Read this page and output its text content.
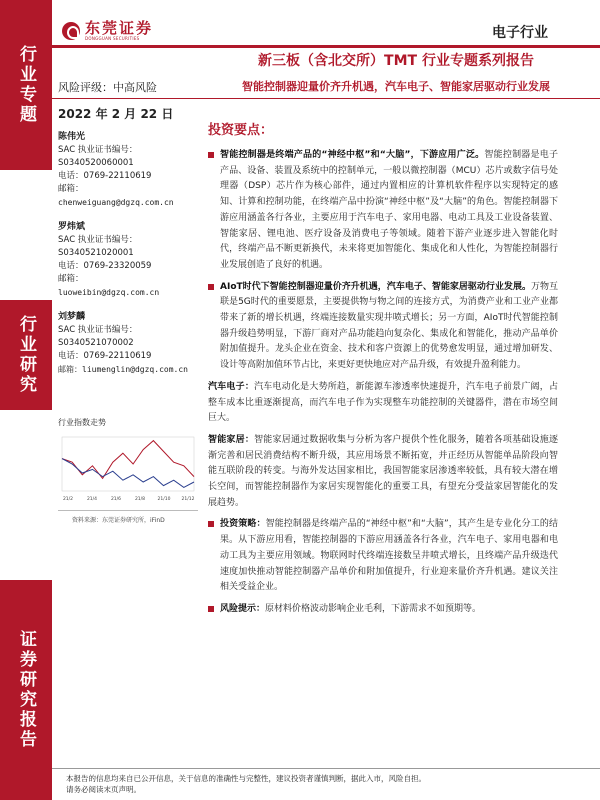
行业专题
行业研究
证券研究报告
东莞证券
DONGGUAN SECURITIES	电子行业
新三板（含北交所）TMT 行业专题系列报告
智能控制器迎量价齐升机遇，汽车电子、智能家居驱动行业发展
风险评级：中高风险
2022 年 2 月 22 日
陈伟光
SAC 执业证书编号：
S0340520060001
电话：0769-22110619
邮箱：
chenweiguang@dgzq.com.cn
罗炜斌
SAC 执业证书编号：
S0340521020001
电话：0769-23320059
邮箱：
luoweibin@dgzq.com.cn
刘梦麟
SAC 执业证书编号：
S0340521070002
电话：0769-22110619
邮箱：liumenglin@dgzq.com.cn
行业指数走势
21/2	21/4	21/6	21/8	21/10 21/12
资料来源：东莞证券研究所，iFinD
投资要点：

智能控制器是终端产品的“神经中枢”和“大脑”，下游应用广泛。智能控制器是电子产品、设备、装置及系统中的控制单元，一般以微控制器（MCU）芯片或数字信号处理器（DSP）芯片作为核心部件，通过内置相应的计算机软件程序以实现特定的感知、计算和控制功能，在终端产品中扮演“神经中枢”及“大脑”的角色。智能控制器下游应用涵盖各行各业，主要应用于汽车电子、家用电器、电动工具及工业设备装置、智能家居、锂电池、医疗设备及消费电子等领域。随着下游产业逐步进入智能化时代，终端产品不断更新换代，未来将更加智能化、集成化和人性化，为智能控制器行业发展创造了良好的机遇。

AIoT时代下智能控制器迎量价齐升机遇，汽车电子、智能家居驱动行业发展。万物互联是5G时代的重要愿景，主要提供物与物之间的连接方式，为消费产业和工业产业都带来了新的增长机遇，终端连接数量实现井喷式增长；另一方面，AIoT时代智能控制器升级趋势明显，下游厂商对产品功能趋向复杂化、集成化和智能化，推动产品单价附加值提升。龙头企业在资金、技术和客户资源上的优势愈发明显，通过增加研发、设计等高附加值环节占比，来更好更快地应对产品升级，有效提升盈利能力。

汽车电子：汽车电动化是大势所趋，新能源车渗透率快速提升，汽车电子前景广阔，占整车成本比重逐渐提高，而汽车电子作为实现整车功能控制的关键器件，潜在市场空间巨大。

智能家居：智能家居通过数据收集与分析为客户提供个性化服务，随着各项基础设施逐渐完善和居民消费结构不断升级，其应用场景不断拓宽，并正经历从智能单品阶段向智能互联阶段的转变。与海外发达国家相比，我国智能家居渗透率较低，具有较大潜在增长空间，而智能控制器作为家居实现智能化的重要工具，有望充分受益家居智能化的发展趋势。

投资策略：智能控制器是终端产品的“神经中枢”和“大脑”，其产生是专业化分工的结果。从下游应用看，智能控制器的下游应用涵盖各行各业，汽车电子、家用电器和电动工具为主要应用领域。物联网时代终端连接数呈井喷式增长，且终端产品升级迭代速度加快推动智能控制器产品单价和附加值提升，行业迎来量价齐升机遇。建议关注相关受益企业。

风险提示：原材料价格波动影响企业毛利，下游需求不如预期等。

本报告的信息均来自已公开信息，关于信息的准确性与完整性，建议投资者谨慎判断，据此入市，风险自担。
请务必阅读末页声明。
